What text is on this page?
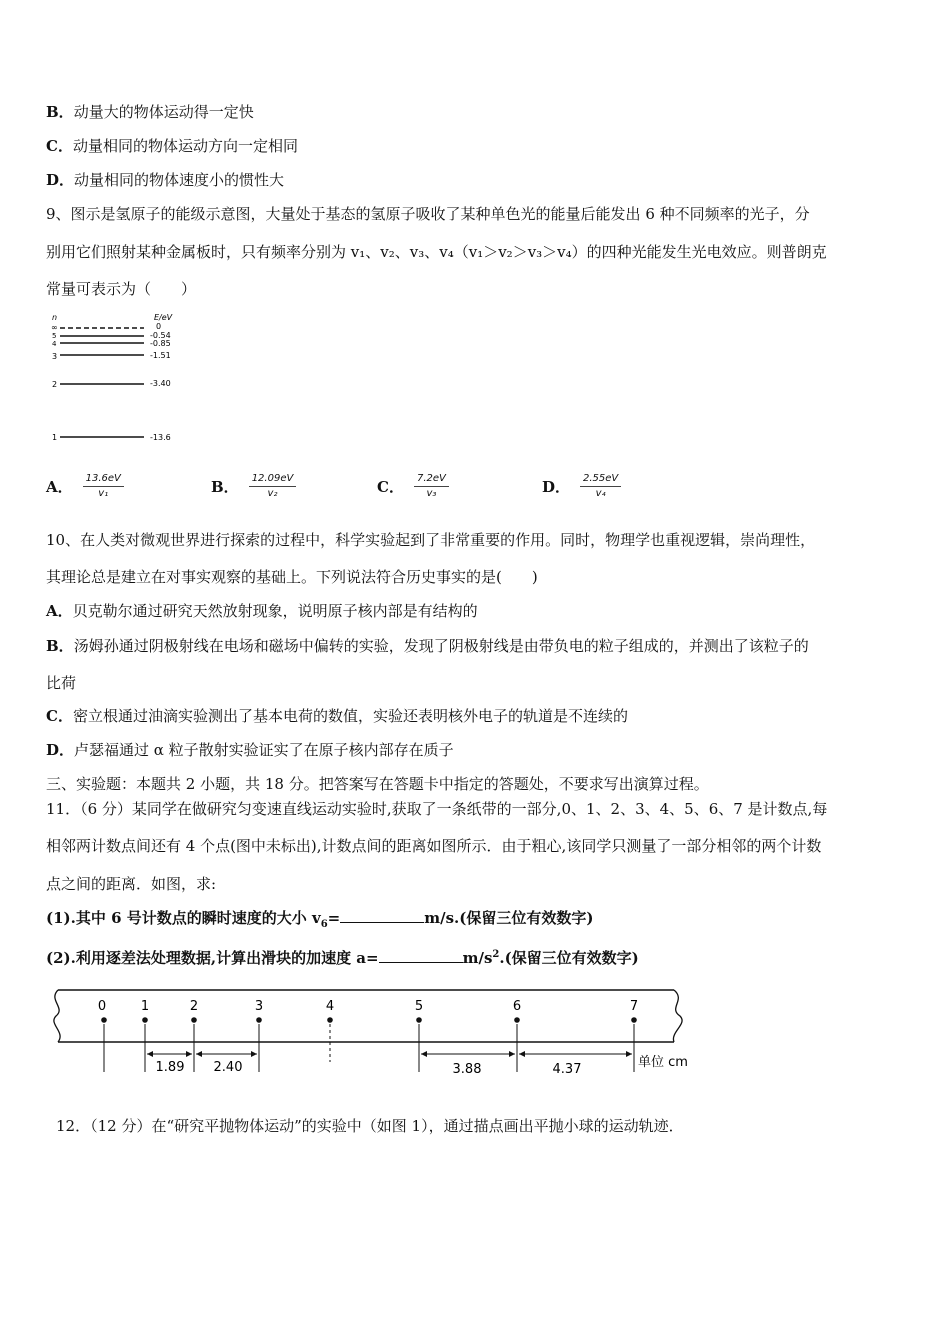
B．动量大的物体运动得一定快
C．动量相同的物体运动方向一定相同
D．动量相同的物体速度小的惯性大
9、图示是氢原子的能级示意图，大量处于基态的氢原子吸收了某种单色光的能量后能发出 6 种不同频率的光子，分
别用它们照射某种金属板时，只有频率分别为 v₁、v₂、v₃、v₄（v₁＞v₂＞v₃＞v₄）的四种光能发生光电效应。则普朗克
常量可表示为（　　）
n	E/eV
∞	0
5	-0.54
4	-0.85
3	-1.51
2	-3.40
1	-13.6
A． $\frac{13.6eV}{\text{v₁}}$	B． $\frac{12.09eV}{\text{v₂}}$	C． $\frac{7.2eV}{\text{v₃}}$	D． $\frac{2.55eV}{\text{v₄}}$
10、在人类对微观世界进行探索的过程中，科学实验起到了非常重要的作用。同时，物理学也重视逻辑，崇尚理性，
其理论总是建立在对事实观察的基础上。下列说法符合历史事实的是(　　)
A．贝克勒尔通过研究天然放射现象，说明原子核内部是有结构的
B．汤姆孙通过阴极射线在电场和磁场中偏转的实验，发现了阴极射线是由带负电的粒子组成的，并测出了该粒子的
比荷
C．密立根通过油滴实验测出了基本电荷的数值，实验还表明核外电子的轨道是不连续的
D．卢瑟福通过 α 粒子散射实验证实了在原子核内部存在质子
三、实验题：本题共 2 小题，共 18 分。把答案写在答题卡中指定的答题处，不要求写出演算过程。
11．（6 分）某同学在做研究匀变速直线运动实验时,获取了一条纸带的一部分,0、1、2、3、4、5、6、7 是计数点,每
相邻两计数点间还有 4 个点(图中未标出),计数点间的距离如图所示．由于粗心,该同学只测量了一部分相邻的两个计数
点之间的距离．如图，求:
(1).其中 6 号计数点的瞬时速度的大小 $v_6=$	m/s.(保留三位有效数字)
(2).利用逐差法处理数据,计算出滑块的加速度 a=	$m/s^2$.(保留三位有效数字)
0	1	2	3	4	5	6	7
1.89 2.40	3.88	4.37	单位 cm
12．（12 分）在“研究平抛物体运动”的实验中（如图 1），通过描点画出平抛小球的运动轨迹．
